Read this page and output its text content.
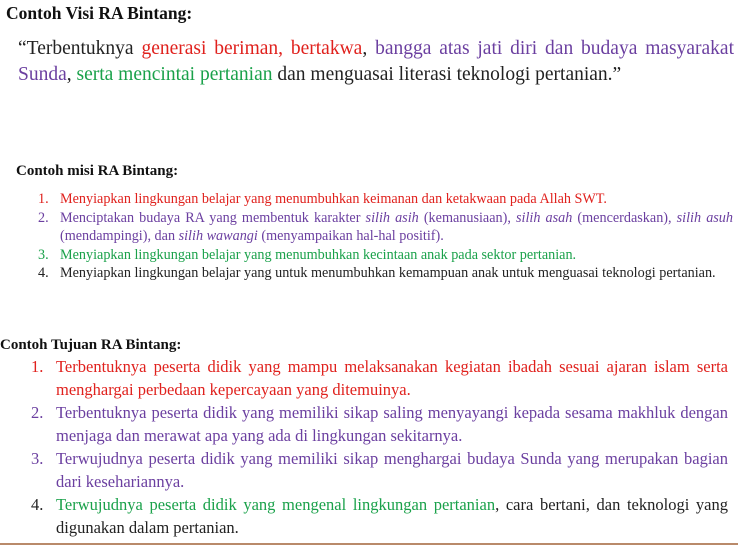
Contoh Visi RA Bintang:
“Terbentuknya generasi beriman, bertakwa, bangga atas jati diri dan budaya masyarakat Sunda, serta mencintai pertanian dan menguasai literasi teknologi pertanian.”
Contoh misi RA Bintang:
1. Menyiapkan lingkungan belajar yang menumbuhkan keimanan dan ketakwaan pada Allah SWT.
2. Menciptakan budaya RA yang membentuk karakter silih asih (kemanusiaan), silih asah (mencerdaskan), silih asuh (mendampingi), dan silih wawangi (menyampaikan hal-hal positif).
3. Menyiapkan lingkungan belajar yang menumbuhkan kecintaan anak pada sektor pertanian.
4. Menyiapkan lingkungan belajar yang untuk menumbuhkan kemampuan anak untuk menguasai teknologi pertanian.
Contoh Tujuan RA Bintang:
1. Terbentuknya peserta didik yang mampu melaksanakan kegiatan ibadah sesuai ajaran islam serta menghargai perbedaan kepercayaan yang ditemuinya.
2. Terbentuknya peserta didik yang memiliki sikap saling menyayangi kepada sesama makhluk dengan menjaga dan merawat apa yang ada di lingkungan sekitarnya.
3. Terwujudnya peserta didik yang memiliki sikap menghargai budaya Sunda yang merupakan bagian dari kesehariannya.
4. Terwujudnya peserta didik yang mengenal lingkungan pertanian, cara bertani, dan teknologi yang digunakan dalam pertanian.
